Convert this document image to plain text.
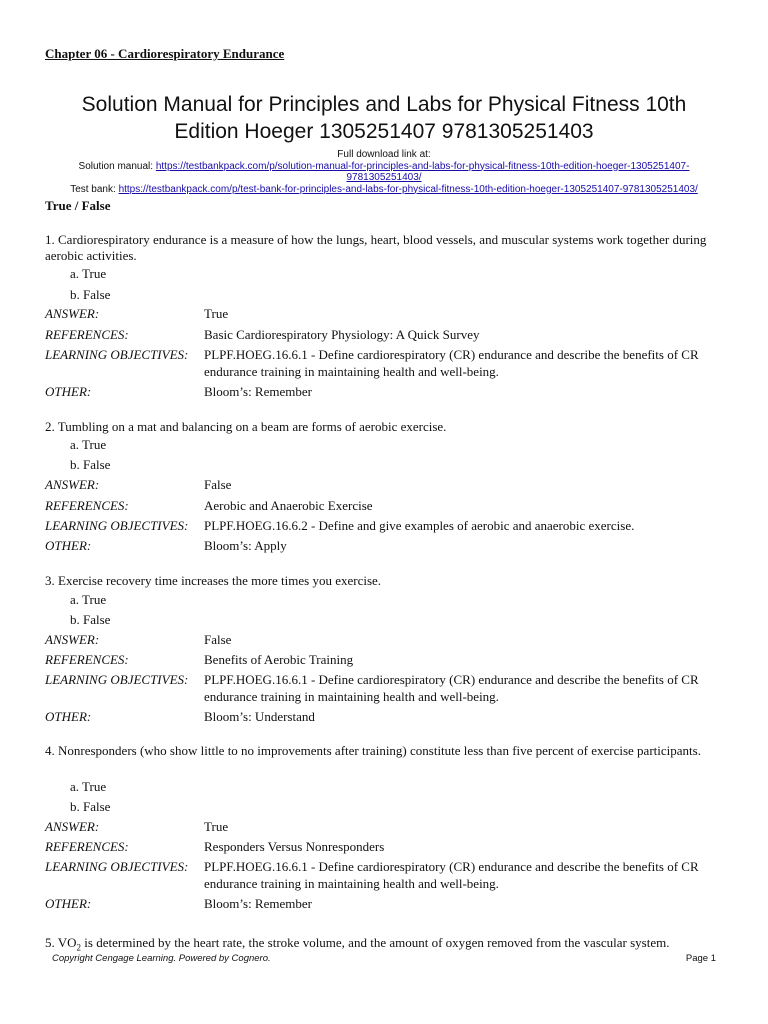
Chapter 06 - Cardiorespiratory Endurance
Solution Manual for Principles and Labs for Physical Fitness 10th
Edition Hoeger 1305251407 9781305251403
Full download link at:
Solution manual: https://testbankpack.com/p/solution-manual-for-principles-and-labs-for-physical-fitness-10th-edition-hoeger-1305251407-
9781305251403/
Test bank: https://testbankpack.com/p/test-bank-for-principles-and-labs-for-physical-fitness-10th-edition-hoeger-1305251407-9781305251403/
True / False
1. Cardiorespiratory endurance is a measure of how the lungs, heart, blood vessels, and muscular systems work together during aerobic activities.
a. True
b. False
ANSWER:	True
REFERENCES:	Basic Cardiorespiratory Physiology: A Quick Survey
LEARNING OBJECTIVES: PLPF.HOEG.16.6.1 - Define cardiorespiratory (CR) endurance and describe the benefits of CR endurance training in maintaining health and well-being.
OTHER:	Bloom’s: Remember
2. Tumbling on a mat and balancing on a beam are forms of aerobic exercise.
a. True
b. False
ANSWER:	False
REFERENCES:	Aerobic and Anaerobic Exercise
LEARNING OBJECTIVES: PLPF.HOEG.16.6.2 - Define and give examples of aerobic and anaerobic exercise.
OTHER:	Bloom’s: Apply
3. Exercise recovery time increases the more times you exercise.
a. True
b. False
ANSWER:	False
REFERENCES:	Benefits of Aerobic Training
LEARNING OBJECTIVES: PLPF.HOEG.16.6.1 - Define cardiorespiratory (CR) endurance and describe the benefits of CR endurance training in maintaining health and well-being.
OTHER:	Bloom’s: Understand
4. Nonresponders (who show little to no improvements after training) constitute less than five percent of exercise participants.
a. True
b. False
ANSWER:	True
REFERENCES:	Responders Versus Nonresponders
LEARNING OBJECTIVES: PLPF.HOEG.16.6.1 - Define cardiorespiratory (CR) endurance and describe the benefits of CR endurance training in maintaining health and well-being.
OTHER:	Bloom’s: Remember
5. $VO_2$ is determined by the heart rate, the stroke volume, and the amount of oxygen removed from the vascular system.
Copyright Cengage Learning. Powered by Cognero.	Page 1
